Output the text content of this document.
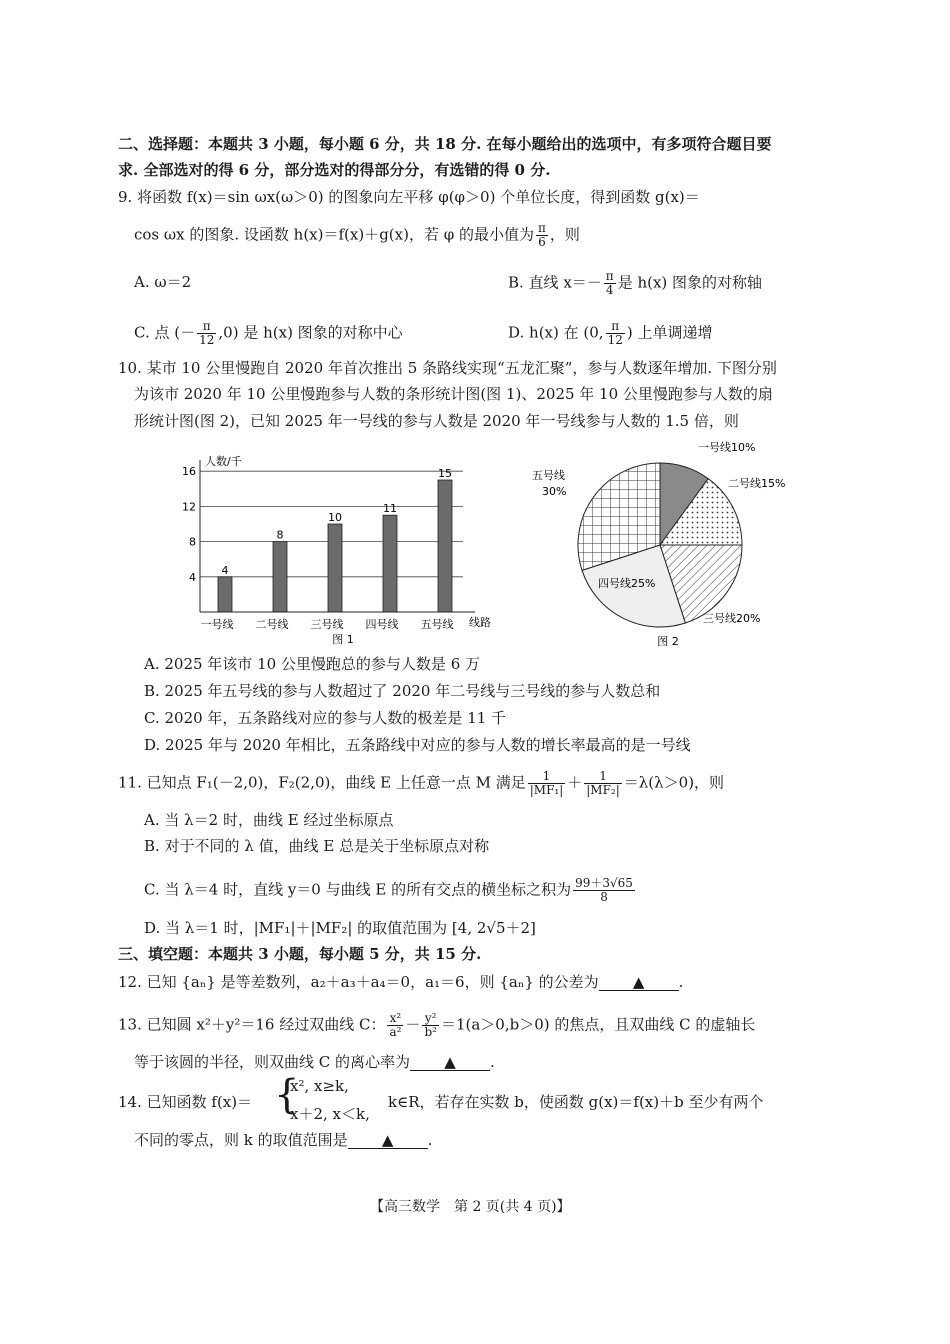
二、选择题：本题共 3 小题，每小题 6 分，共 18 分. 在每小题给出的选项中，有多项符合题目要
求. 全部选对的得 6 分，部分选对的得部分分，有选错的得 0 分.
9. 将函数 f(x)＝sin ωx(ω＞0) 的图象向左平移 φ(φ＞0) 个单位长度，得到函数 g(x)＝
cos ωx 的图象. 设函数 h(x)＝f(x)＋g(x)，若 φ 的最小值为 $\frac{\pi}{6}$ ，则
A. ω＝2	B. 直线 $x=- \frac{\pi}{4}$ 是 h(x) 图象的对称轴
C. 点 (－ $\frac{\pi}{12} ,0$) 是 h(x) 图象的对称中心	D. h(x) 在 (0, $\frac{\pi}{12}$ ) 上单调递增
10. 某市 10 公里慢跑自 2020 年首次推出 5 条路线实现“五龙汇聚”，参与人数逐年增加. 下图分别
为该市 2020 年 10 公里慢跑参与人数的条形统计图(图 1)、2025 年 10 公里慢跑参与人数的扇
形统计图(图 2)，已知 2025 年一号线的参与人数是 2020 年一号线参与人数的 1.5 倍，则
4
8
12
16
4
一号线
8
二号线
10
三号线
11
四号线
15
五号线
人数/千
线路
图 1
一号线10%
二号线15%
三号线20%
四号线25%
五号线
30%
图 2
A. 2025 年该市 10 公里慢跑总的参与人数是 6 万
B. 2025 年五号线的参与人数超过了 2020 年二号线与三号线的参与人数总和
C. 2020 年，五条路线对应的参与人数的极差是 11 千
D. 2025 年与 2020 年相比，五条路线中对应的参与人数的增长率最高的是一号线
11. 已知点 F₁(－2,0)，F₂(2,0)，曲线 E 上任意一点 M 满足 $\frac{1}{\text{|MF₁|}} + \frac{1}{\text{|MF₂|}} =\lambda(\lambda>0)$，则
A. 当 λ＝2 时，曲线 E 经过坐标原点
B. 对于不同的 λ 值，曲线 E 总是关于坐标原点对称
C. 当 λ＝4 时，直线 y＝0 与曲线 E 的所有交点的横坐标之积为 $\frac{99+3√65}{8}$
D. 当 λ＝1 时，|MF₁|＋|MF₂| 的取值范围为 [4, 2√5＋2]
三、填空题：本题共 3 小题，每小题 5 分，共 15 分.
12. 已知 {aₙ} 是等差数列，a₂＋a₃＋a₄＝0，a₁＝6，则 {aₙ} 的公差为 ▲ .
13. 已知圆 x²＋y²＝16 经过双曲线 C： $\frac{\text{x²}}{\text{a²}} - \frac{\text{y²}}{\text{b²}} =1(a>0,b>0)$ 的焦点，且双曲线 C 的虚轴长
等于该圆的半径，则双曲线 C 的离心率为 ▲ .
14. 已知函数 f(x)＝ {
x², x≥k,
x＋2, x＜k,
k∈R，若存在实数 b，使函数 g(x)＝f(x)＋b 至少有两个
不同的零点，则 k 的取值范围是 ▲ .
【高三数学　第 2 页(共 4 页)】
